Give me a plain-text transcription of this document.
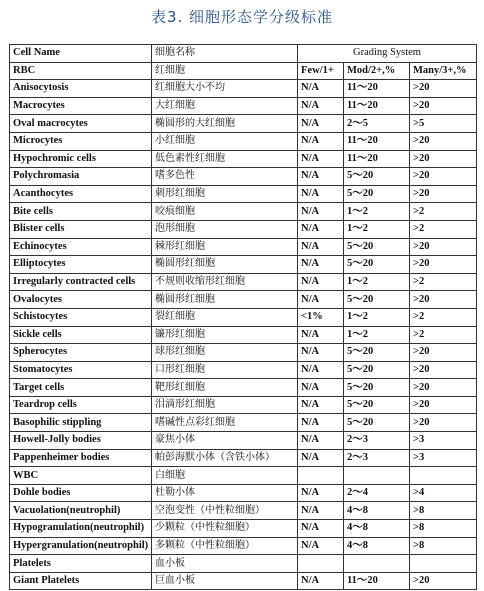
表3. 细胞形态学分级标准
Cell Name	细胞名称	Grading System		
RBC	红细胞	Few/1+	Mod/2+,%	Many/3+,%
Anisocytosis	红细胞大小不均	N/A	11～20	>20
Macrocytes	大红细胞	N/A	11～20	>20
Oval macrocytes	椭圆形的大红细胞	N/A	2～5	>5
Microcytes	小红细胞	N/A	11～20	>20
Hypochromic cells	低色素性红细胞	N/A	11～20	>20
Polychromasia	嗜多色性	N/A	5～20	>20
Acanthocytes	刺形红细胞	N/A	5～20	>20
Bite cells	咬痕细胞	N/A	1～2	>2
Blister cells	泡形细胞	N/A	1～2	>2
Echinocytes	棘形红细胞	N/A	5～20	>20
Elliptocytes	椭圆形红细胞	N/A	5～20	>20
Irregularly contracted cells	不规则收缩形红细胞	N/A	1～2	>2
Ovalocytes	椭圆形红细胞	N/A	5～20	>20
Schistocytes	裂红细胞	<1%	1～2	>2
Sickle cells	镰形红细胞	N/A	1～2	>2
Spherocytes	球形红细胞	N/A	5～20	>20
Stomatocytes	口形红细胞	N/A	5～20	>20
Target cells	靶形红细胞	N/A	5～20	>20
Teardrop cells	泪滴形红细胞	N/A	5～20	>20
Basophilic stippling	嗜碱性点彩红细胞	N/A	5～20	>20
Howell-Jolly bodies	豪焦小体	N/A	2～3	>3
Pappenheimer bodies	帕彭海默小体（含铁小体）	N/A	2～3	>3
WBC	白细胞			
Dohle bodies	杜勒小体	N/A	2～4	>4
Vacuolation(neutrophil)	空泡变性（中性粒细胞）	N/A	4～8	>8
Hypogranulation(neutrophil)	少颗粒（中性粒细胞）	N/A	4～8	>8
Hypergranulation(neutrophil)	多颗粒（中性粒细胞）	N/A	4～8	>8
Platelets	血小板			
Giant Platelets	巨血小板	N/A	11～20	>20
